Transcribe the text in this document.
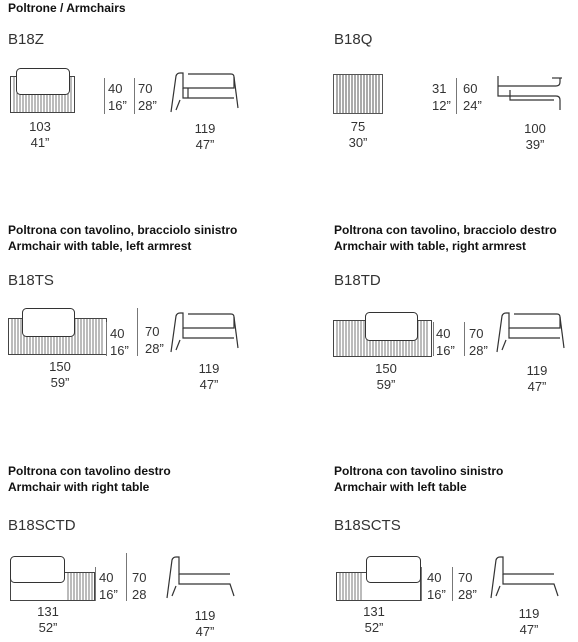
Poltrone / Armchairs
B18Z
40
16”
70
28”
103
41”
119
47”
B18Q
31
12”
60
24”
75
30”
100
39”
Poltrona con tavolino, bracciolo sinistro
Armchair with table, left armrest
B18TS
40
16”
70
28”
150
59”
119
47”
Poltrona con tavolino, bracciolo destro
Armchair with table, right armrest
B18TD
40
16”
70
28”
150
59”
119
47”
Poltrona con tavolino destro
Armchair with right table
B18SCTD
40
16”
70
28
131
52”
119
47”
Poltrona con tavolino sinistro
Armchair with left table
B18SCTS
40
16”
70
28”
131
52”
119
47”
